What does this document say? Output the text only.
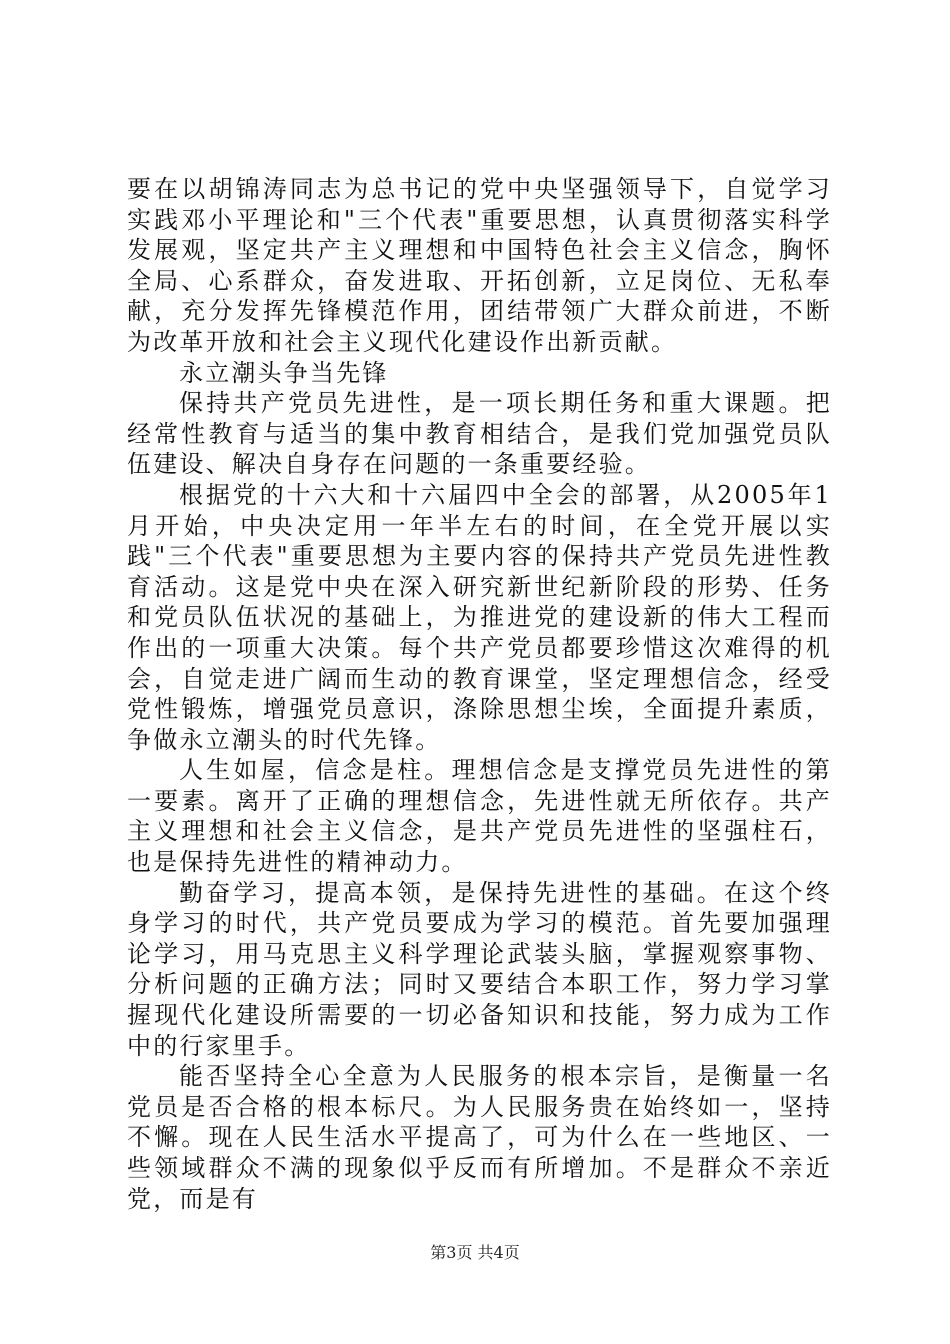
要在以胡锦涛同志为总书记的党中央坚强领导下，自觉学习实践邓小平理论和"三个代表"重要思想，认真贯彻落实科学发展观，坚定共产主义理想和中国特色社会主义信念，胸怀全局、心系群众，奋发进取、开拓创新，立足岗位、无私奉献，充分发挥先锋模范作用，团结带领广大群众前进，不断为改革开放和社会主义现代化建设作出新贡献。

永立潮头争当先锋

保持共产党员先进性，是一项长期任务和重大课题。把经常性教育与适当的集中教育相结合，是我们党加强党员队伍建设、解决自身存在问题的一条重要经验。

根据党的十六大和十六届四中全会的部署，从2005年1月开始，中央决定用一年半左右的时间，在全党开展以实践"三个代表"重要思想为主要内容的保持共产党员先进性教育活动。这是党中央在深入研究新世纪新阶段的形势、任务和党员队伍状况的基础上，为推进党的建设新的伟大工程而作出的一项重大决策。每个共产党员都要珍惜这次难得的机会，自觉走进广阔而生动的教育课堂，坚定理想信念，经受党性锻炼，增强党员意识，涤除思想尘埃，全面提升素质，争做永立潮头的时代先锋。

人生如屋，信念是柱。理想信念是支撑党员先进性的第一要素。离开了正确的理想信念，先进性就无所依存。共产主义理想和社会主义信念，是共产党员先进性的坚强柱石，也是保持先进性的精神动力。

勤奋学习，提高本领，是保持先进性的基础。在这个终身学习的时代，共产党员要成为学习的模范。首先要加强理论学习，用马克思主义科学理论武装头脑，掌握观察事物、分析问题的正确方法；同时又要结合本职工作，努力学习掌握现代化建设所需要的一切必备知识和技能，努力成为工作中的行家里手。

能否坚持全心全意为人民服务的根本宗旨，是衡量一名党员是否合格的根本标尺。为人民服务贵在始终如一，坚持不懈。现在人民生活水平提高了，可为什么在一些地区、一些领域群众不满的现象似乎反而有所增加。不是群众不亲近党，而是有

第3页 共4页
